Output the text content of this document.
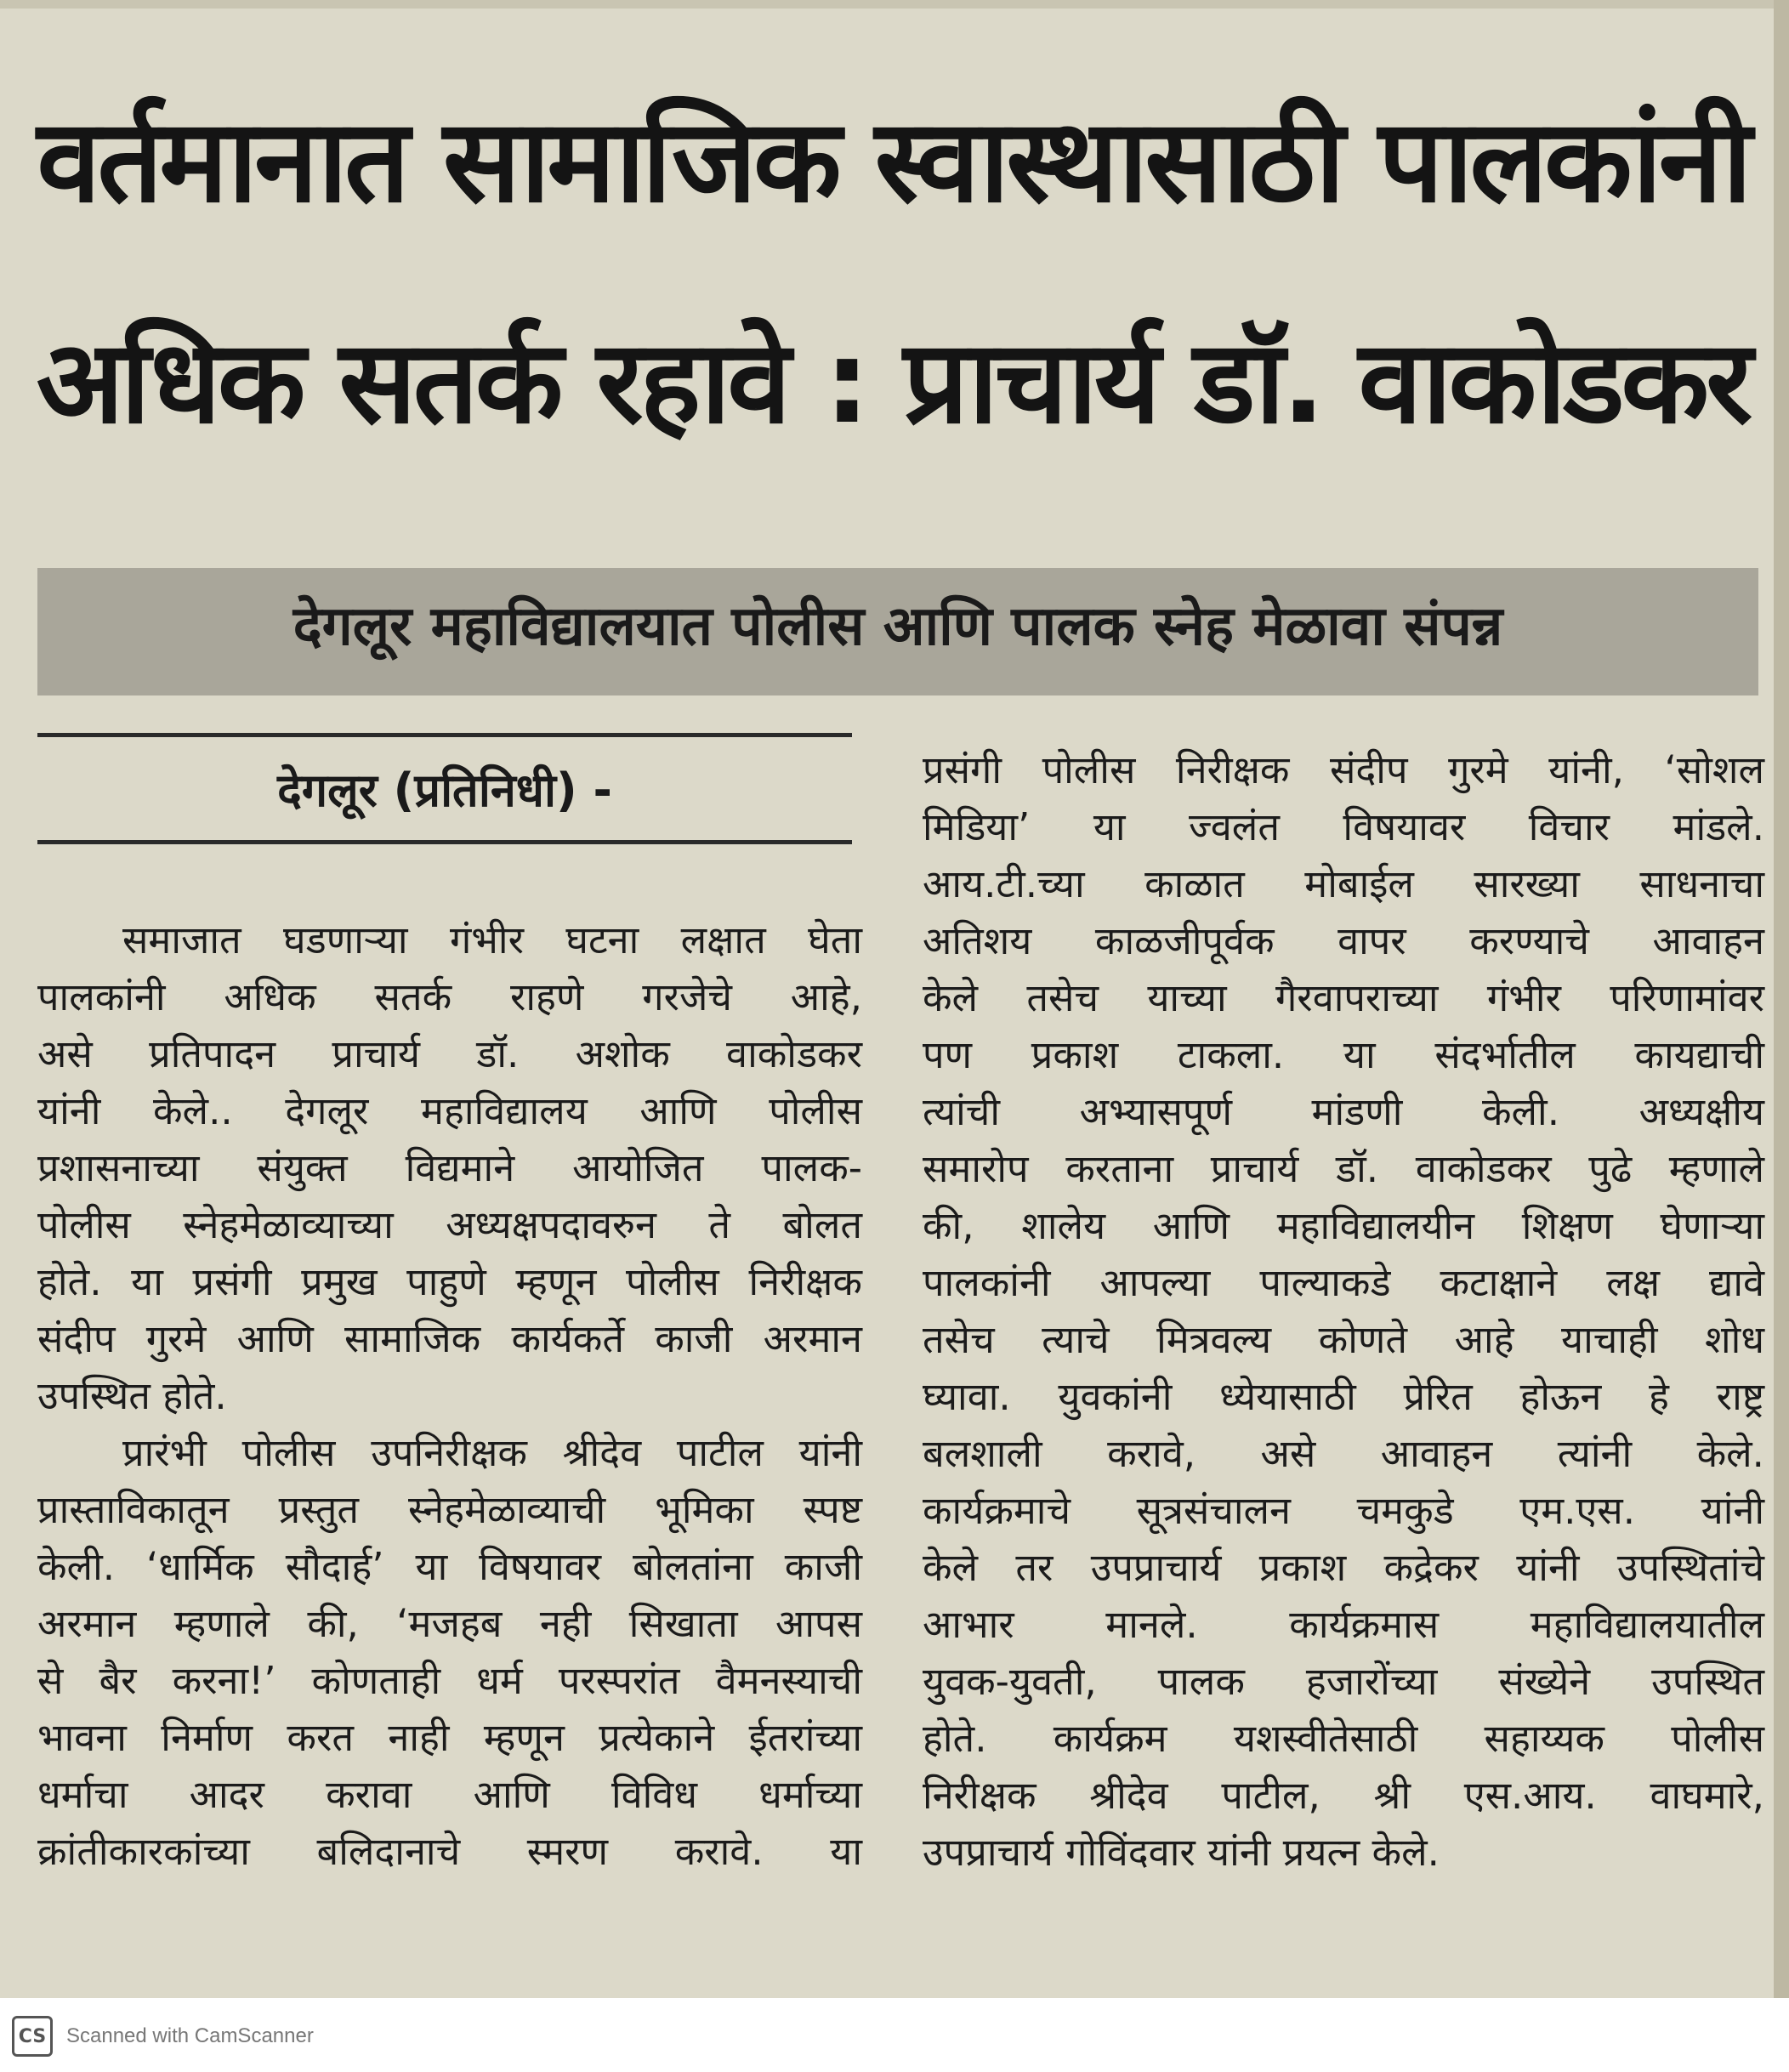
वर्तमानात सामाजिक स्वास्थासाठी पालकांनी
अधिक सतर्क रहावे : प्राचार्य डॉ. वाकोडकर
देगलूर महाविद्यालयात पोलीस आणि पालक स्नेह मेळावा संपन्न
देगलूर (प्रतिनिधी) -
समाजात घडणाऱ्या गंभीर घटना लक्षात घेता
पालकांनी अधिक सतर्क राहणे गरजेचे आहे,
असे प्रतिपादन प्राचार्य डॉ. अशोक वाकोडकर
यांनी केले.. देगलूर महाविद्यालय आणि पोलीस
प्रशासनाच्या संयुक्त विद्यमाने आयोजित पालक-
पोलीस स्नेहमेळाव्याच्या अध्यक्षपदावरुन ते बोलत
होते. या प्रसंगी प्रमुख पाहुणे म्हणून पोलीस निरीक्षक
संदीप गुरमे आणि सामाजिक कार्यकर्ते काजी अरमान
उपस्थित होते.
प्रारंभी पोलीस उपनिरीक्षक श्रीदेव पाटील यांनी
प्रास्ताविकातून प्रस्तुत स्नेहमेळाव्याची भूमिका स्पष्ट
केली. ‘धार्मिक सौदार्ह’ या विषयावर बोलतांना काजी
अरमान म्हणाले की, ‘मजहब नही सिखाता आपस
से बैर करना!’ कोणताही धर्म परस्परांत वैमनस्याची
भावना निर्माण करत नाही म्हणून प्रत्येकाने ईतरांच्या
धर्माचा आदर करावा आणि विविध धर्माच्या
क्रांतीकारकांच्या बलिदानाचे स्मरण करावे. या
प्रसंगी पोलीस निरीक्षक संदीप गुरमे यांनी, ‘सोशल
मिडिया’ या ज्वलंत विषयावर विचार मांडले.
आय.टी.च्या काळात मोबाईल सारख्या साधनाचा
अतिशय काळजीपूर्वक वापर करण्याचे आवाहन
केले तसेच याच्या गैरवापराच्या गंभीर परिणामांवर
पण प्रकाश टाकला. या संदर्भातील कायद्याची
त्यांची अभ्यासपूर्ण मांडणी केली. अध्यक्षीय
समारोप करताना प्राचार्य डॉ. वाकोडकर पुढे म्हणाले
की, शालेय आणि महाविद्यालयीन शिक्षण घेणाऱ्या
पालकांनी आपल्या पाल्याकडे कटाक्षाने लक्ष द्यावे
तसेच त्याचे मित्रवल्य कोणते आहे याचाही शोध
घ्यावा. युवकांनी ध्येयासाठी प्रेरित होऊन हे राष्ट्र
बलशाली करावे, असे आवाहन त्यांनी केले.
कार्यक्रमाचे सूत्रसंचालन चमकुडे एम.एस. यांनी
केले तर उपप्राचार्य प्रकाश कद्रेकर यांनी उपस्थितांचे
आभार मानले. कार्यक्रमास महाविद्यालयातील
युवक-युवती, पालक हजारोंच्या संख्येने उपस्थित
होते. कार्यक्रम यशस्वीतेसाठी सहाय्यक पोलीस
निरीक्षक श्रीदेव पाटील, श्री एस.आय. वाघमारे,
उपप्राचार्य गोविंदवार यांनी प्रयत्न केले.
CS Scanned with CamScanner
